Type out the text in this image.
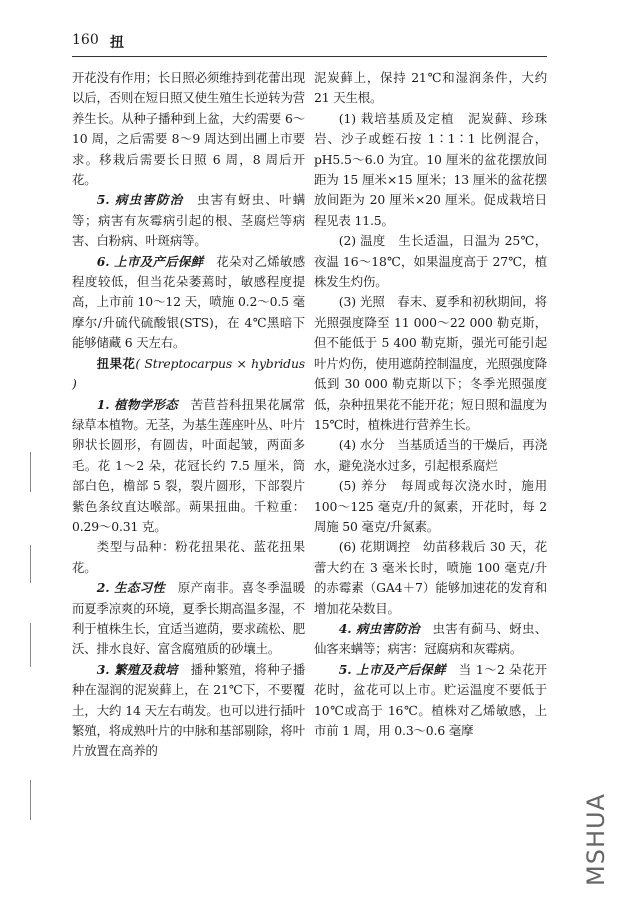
160 扭

开花没有作用；长日照必须维持到花蕾出现以后，否则在短日照又使生殖生长逆转为营养生长。从种子播种到上盆，大约需要 6～10 周，之后需要 8～9 周达到出圃上市要求。移栽后需要长日照 6 周，8 周后开花。

5. 病虫害防治　 虫害有蚜虫、叶螨等；病害有灰霉病引起的根、茎腐烂等病害、白粉病、叶斑病等。

6. 上市及产后保鲜　 花朵对乙烯敏感程度较低，但当花朵萎蔫时，敏感程度提高，上市前 10～12 天，喷施 0.2～0.5 毫摩尔/升硫代硫酸银(STS)，在 4℃黑暗下能够储藏 6 天左右。

扭果花( Streptocarpus × hybridus )

1. 植物学形态　 苦苣苔科扭果花属常绿草本植物。无茎，为基生莲座叶丛、叶片卵状长圆形，有圆齿，叶面起皱，两面多毛。花 1～2 朵，花冠长约 7.5 厘米，筒部白色，檐部 5 裂，裂片圆形，下部裂片紫色条纹直达喉部。蒴果扭曲。千粒重：0.29～0.31 克。

类型与品种：粉花扭果花、蓝花扭果花。

2. 生态习性　 原产南非。喜冬季温暖而夏季凉爽的环境，夏季长期高温多湿，不利于植株生长，宜适当遮荫，要求疏松、肥沃、排水良好、富含腐殖质的砂壤土。

3. 繁殖及栽培　 播种繁殖，将种子播种在湿润的泥炭藓上，在 21℃下，不要覆土，大约 14 天左右萌发。也可以进行插叶繁殖，将成熟叶片的中脉和基部剔除，将叶片放置在高养的

泥炭藓上，保持 21℃和湿润条件，大约 21 天生根。

(1) 栽培基质及定植　泥炭藓、珍珠岩、沙子或蛭石按 1∶1∶1 比例混合，pH5.5～6.0 为宜。10 厘米的盆花摆放间距为 15 厘米×15 厘米；13 厘米的盆花摆放间距为 20 厘米×20 厘米。促成栽培日程见表 11.5。

(2) 温度　生长适温，日温为 25℃，夜温 16～18℃，如果温度高于 27℃，植株发生灼伤。

(3) 光照　春末、夏季和初秋期间，将光照强度降至 11 000～22 000 勒克斯，但不能低于 5 400 勒克斯，强光可能引起叶片灼伤，使用遮荫控制温度，光照强度降低到 30 000 勒克斯以下；冬季光照强度低，杂种扭果花不能开花；短日照和温度为 15℃时，植株进行营养生长。

(4) 水分　当基质适当的干燥后，再浇水，避免浇水过多，引起根系腐烂

(5) 养分　每周或每次浇水时，施用 100～125 毫克/升的氮素，开花时，每 2 周施 50 毫克/升氮素。

(6) 花期调控　幼苗移栽后 30 天，花蕾大约在 3 毫米长时，喷施 100 毫克/升的赤霉素（GA4＋7）能够加速花的发育和增加花朵数目。

4. 病虫害防治　 虫害有蓟马、蚜虫、仙客来螨等；病害：冠腐病和灰霉病。

5. 上市及产后保鲜　 当 1～2 朵花开花时，盆花可以上市。贮运温度不要低于 10℃或高于 16℃。植株对乙烯敏感，上市前 1 周，用 0.3～0.6 毫摩

MSHUA
